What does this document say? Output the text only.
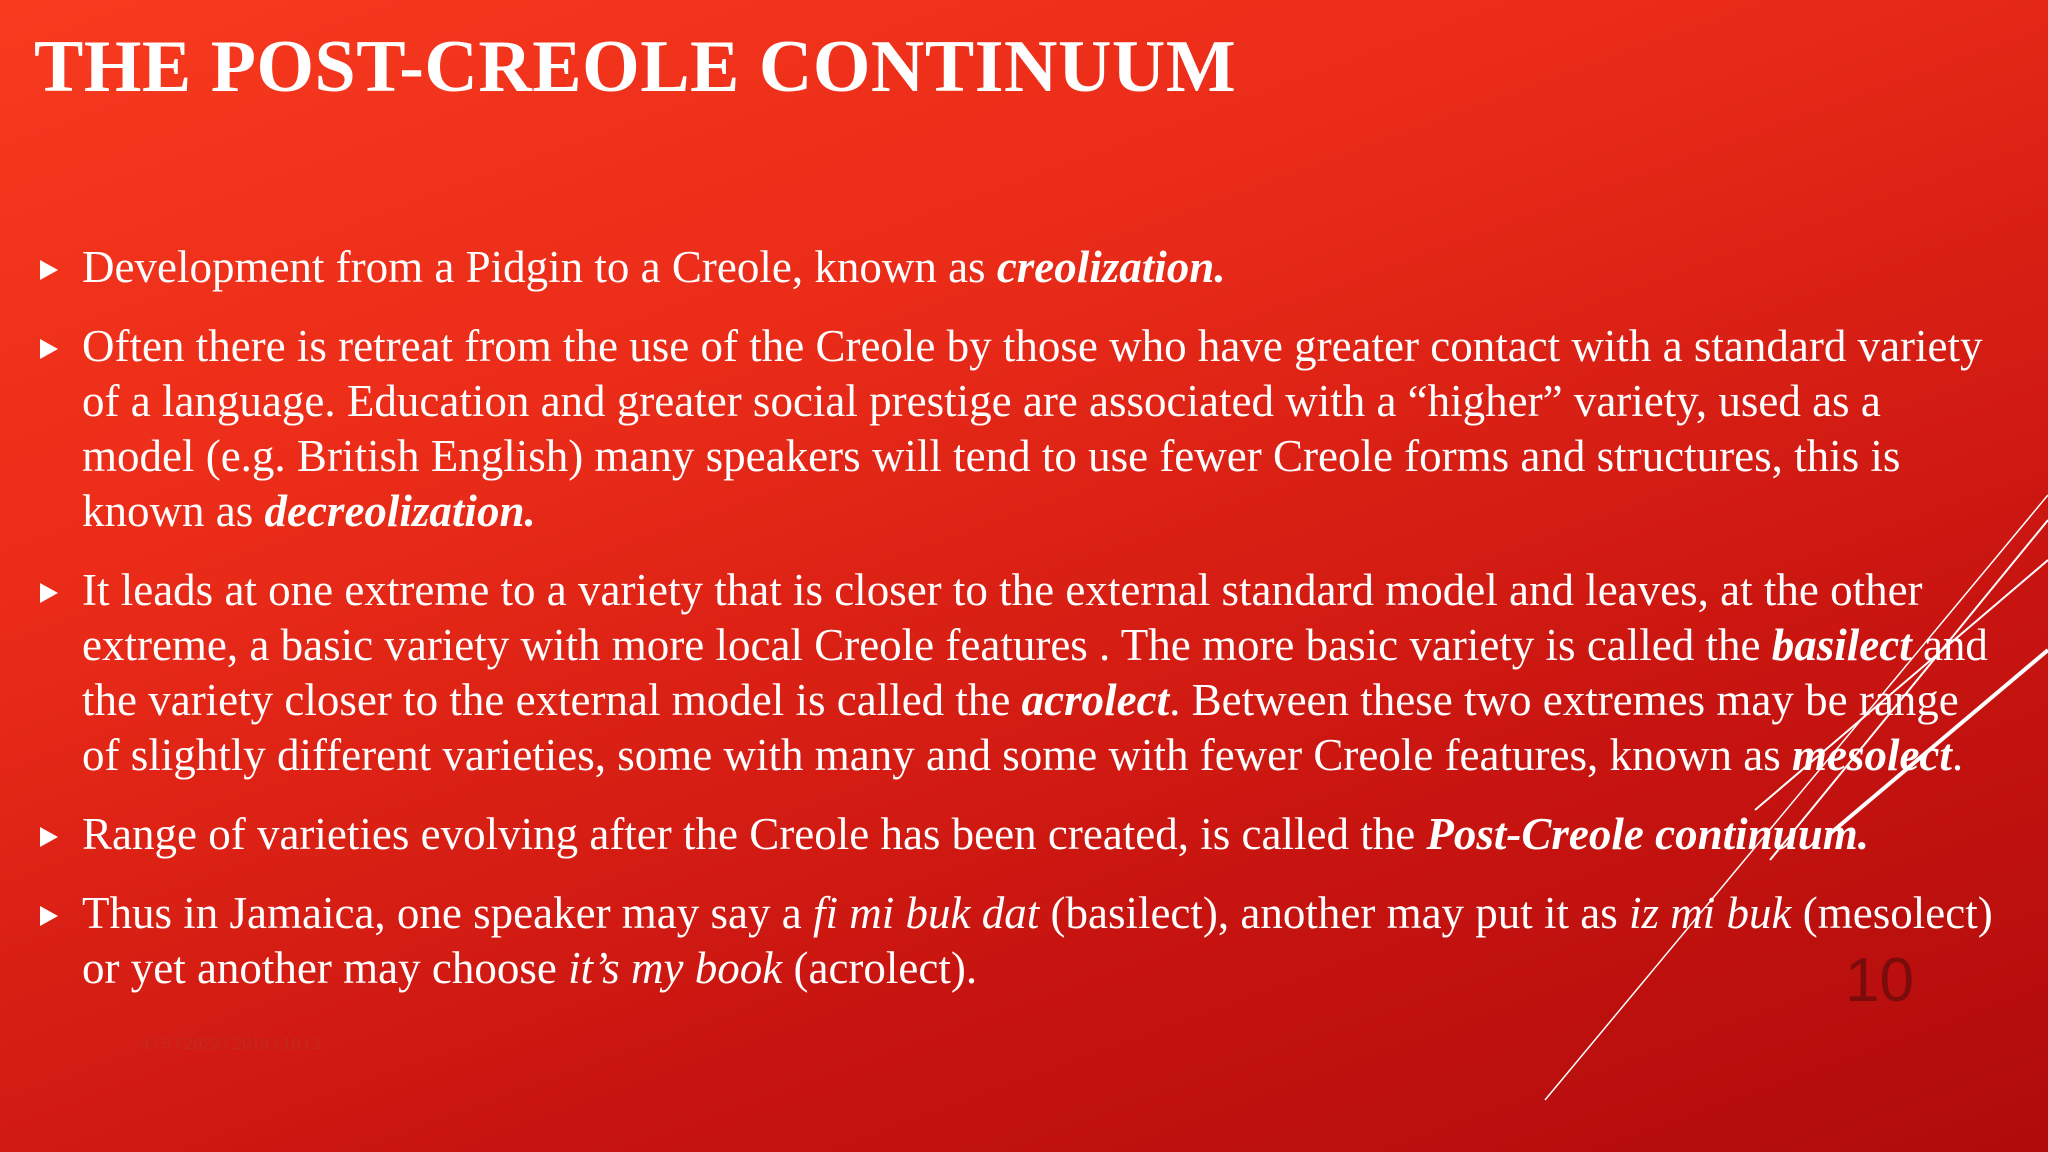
THE POST-CREOLE CONTINUUM
Development from a Pidgin to a Creole, known as creolization.
Often there is retreat from the use of the Creole by those who have greater contact with a standard variety of a language. Education and greater social prestige are associated with a “higher” variety, used as a model (e.g. British English) many speakers will tend to use fewer Creole forms and structures, this is known as decreolization.
It leads at one extreme to a variety that is closer to the external standard model and leaves, at the other extreme, a basic variety with more local Creole features . The more basic variety is called the basilect and the variety closer to the external model is called the acrolect. Between these two extremes may be range of slightly different varieties, some with many and some with fewer Creole features, known as mesolect.
Range of varieties evolving after the Creole has been created, is called the Post-Creole continuum.
Thus in Jamaica, one speaker may say a fi mi buk dat (basilect), another may put it as iz mi buk (mesolect) or yet another may choose it’s my book (acrolect).	10
3 / 5 / 2023 / 2018 / 10 / 1
